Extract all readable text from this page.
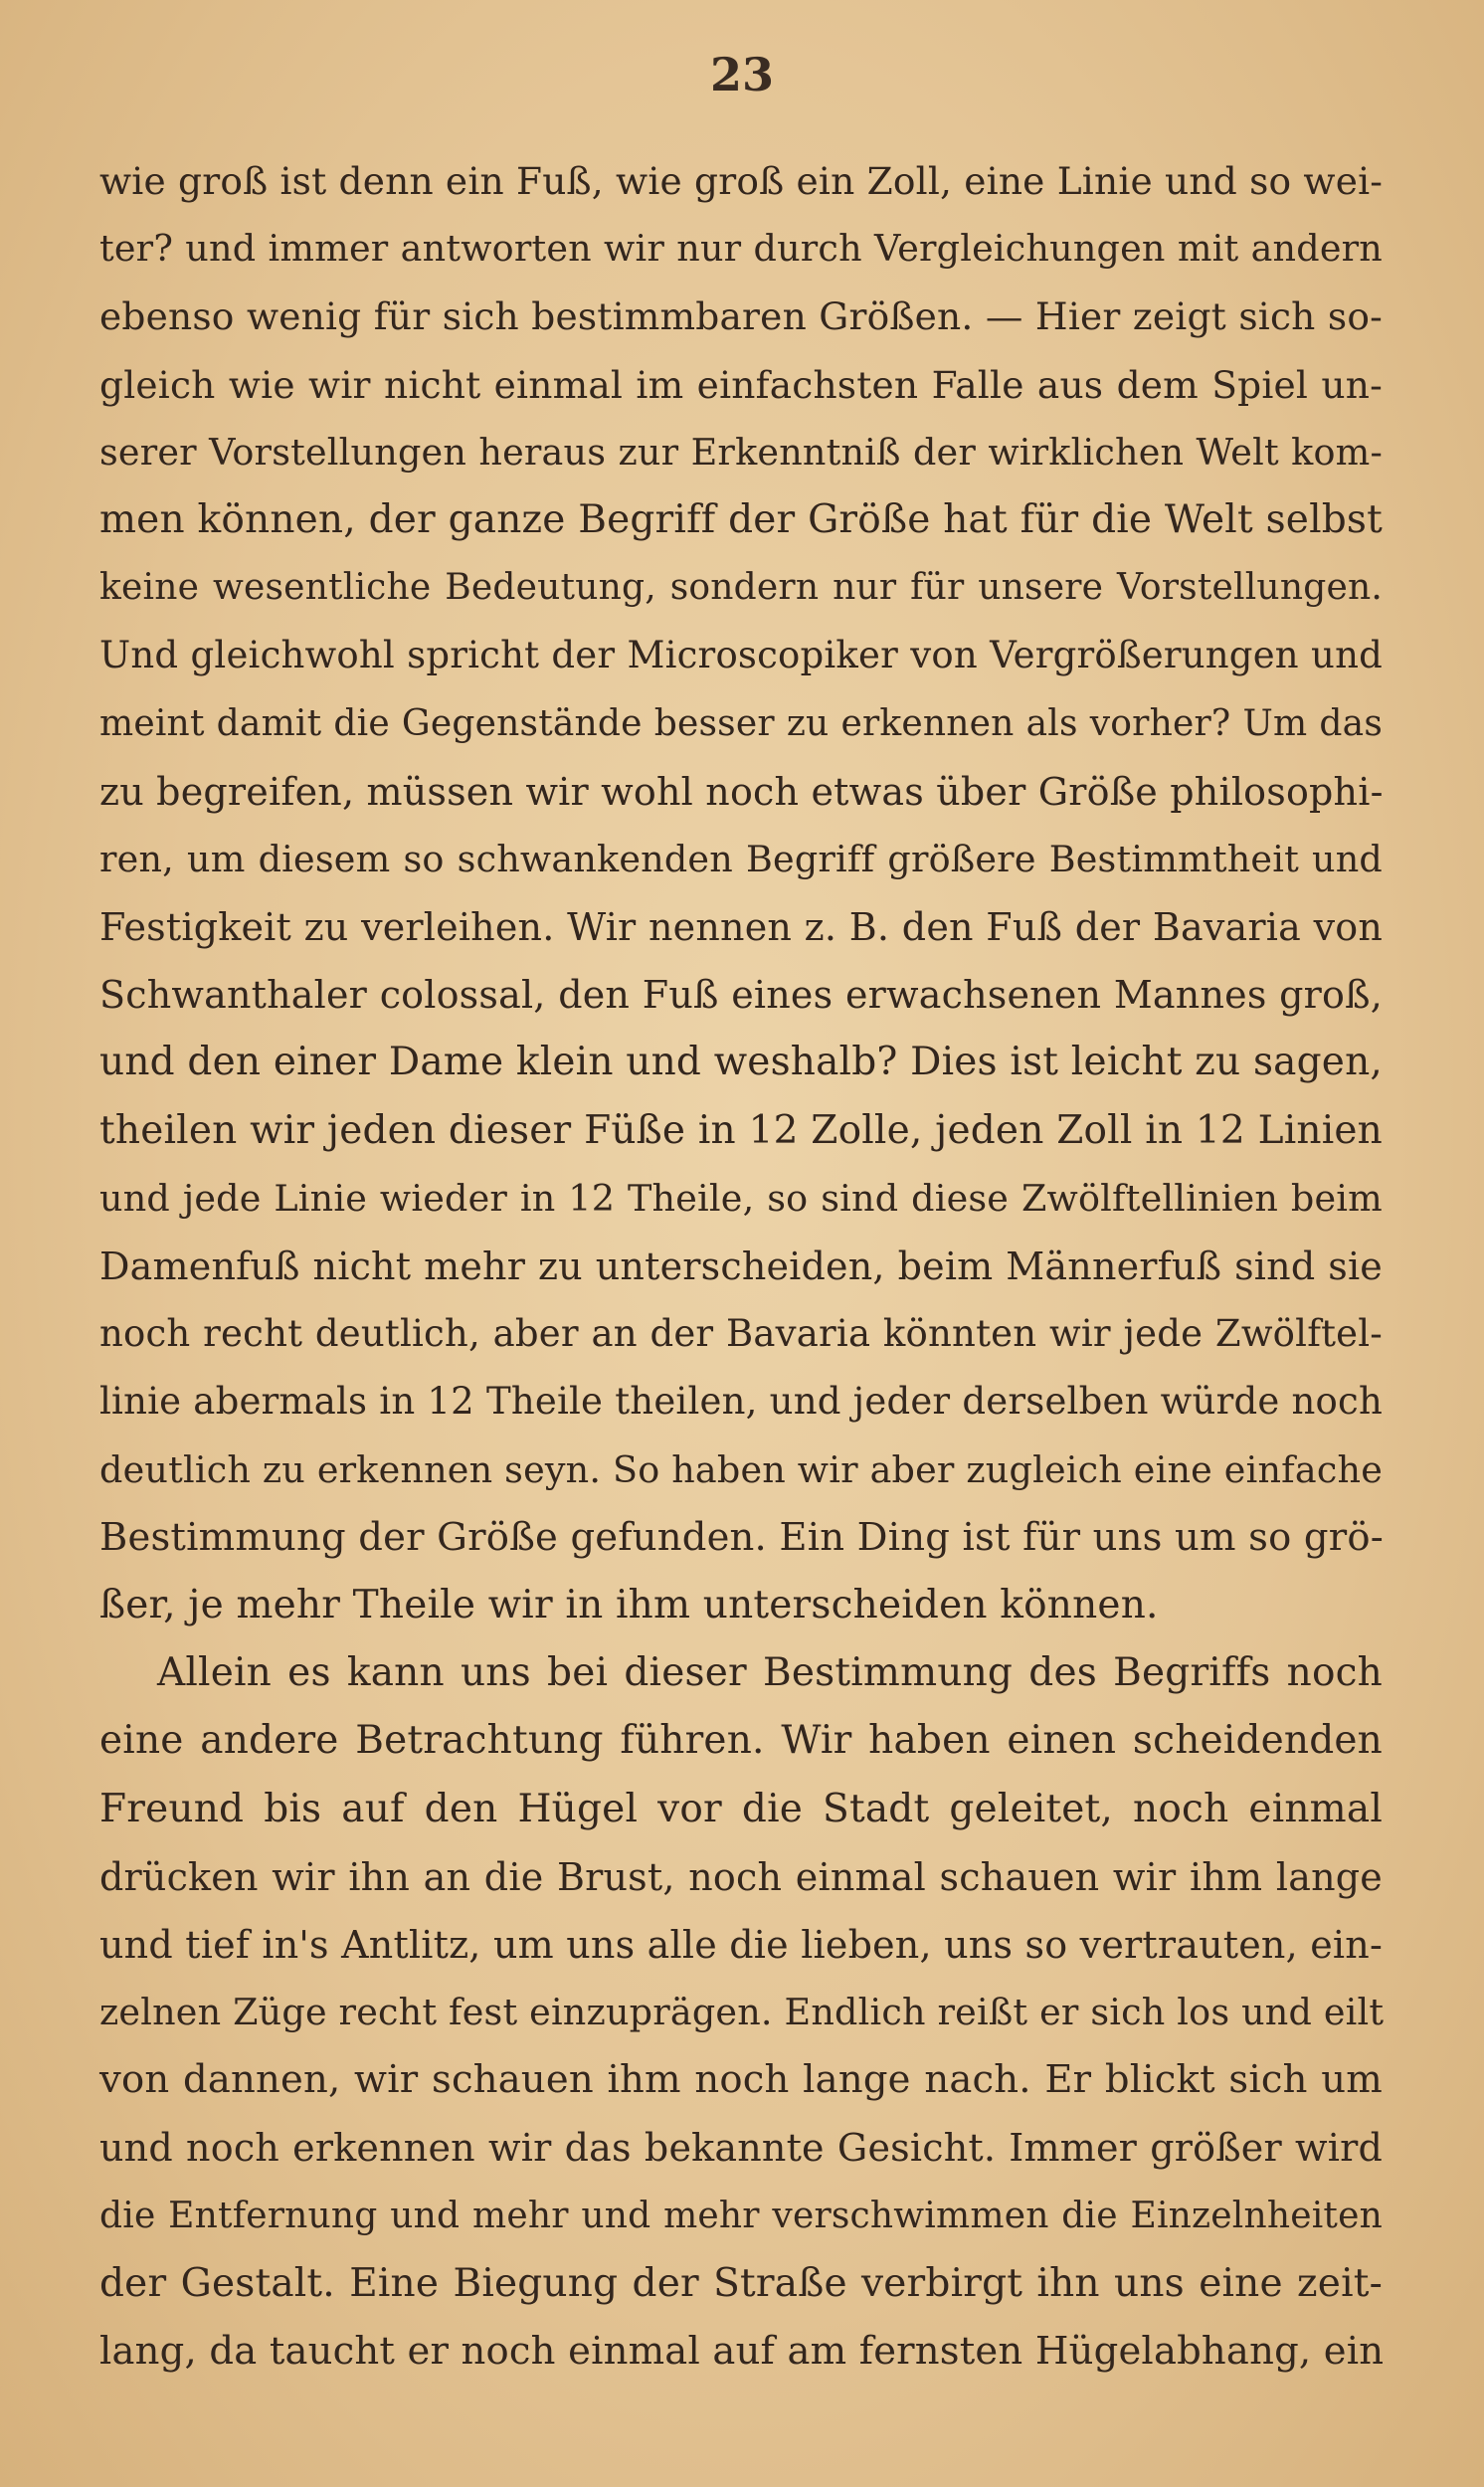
23
wie groß ist denn ein Fuß, wie groß ein Zoll, eine Linie und so wei-
ter? und immer antworten wir nur durch Vergleichungen mit andern
ebenso wenig für sich bestimmbaren Größen. — Hier zeigt sich so-
gleich wie wir nicht einmal im einfachsten Falle aus dem Spiel un-
serer Vorstellungen heraus zur Erkenntniß der wirklichen Welt kom-
men können, der ganze Begriff der Größe hat für die Welt selbst
keine wesentliche Bedeutung, sondern nur für unsere Vorstellungen.
Und gleichwohl spricht der Microscopiker von Vergrößerungen und
meint damit die Gegenstände besser zu erkennen als vorher? Um das
zu begreifen, müssen wir wohl noch etwas über Größe philosophi-
ren, um diesem so schwankenden Begriff größere Bestimmtheit und
Festigkeit zu verleihen. Wir nennen z. B. den Fuß der Bavaria von
Schwanthaler colossal, den Fuß eines erwachsenen Mannes groß,
und den einer Dame klein und weshalb? Dies ist leicht zu sagen,
theilen wir jeden dieser Füße in 12 Zolle, jeden Zoll in 12 Linien
und jede Linie wieder in 12 Theile, so sind diese Zwölftellinien beim
Damenfuß nicht mehr zu unterscheiden, beim Männerfuß sind sie
noch recht deutlich, aber an der Bavaria könnten wir jede Zwölftel-
linie abermals in 12 Theile theilen, und jeder derselben würde noch
deutlich zu erkennen seyn. So haben wir aber zugleich eine einfache
Bestimmung der Größe gefunden. Ein Ding ist für uns um so grö-
ßer, je mehr Theile wir in ihm unterscheiden können.
Allein es kann uns bei dieser Bestimmung des Begriffs noch
eine andere Betrachtung führen. Wir haben einen scheidenden
Freund bis auf den Hügel vor die Stadt geleitet, noch einmal
drücken wir ihn an die Brust, noch einmal schauen wir ihm lange
und tief in's Antlitz, um uns alle die lieben, uns so vertrauten, ein-
zelnen Züge recht fest einzuprägen. Endlich reißt er sich los und eilt
von dannen, wir schauen ihm noch lange nach. Er blickt sich um
und noch erkennen wir das bekannte Gesicht. Immer größer wird
die Entfernung und mehr und mehr verschwimmen die Einzelnheiten
der Gestalt. Eine Biegung der Straße verbirgt ihn uns eine zeit-
lang, da taucht er noch einmal auf am fernsten Hügelabhang, ein
